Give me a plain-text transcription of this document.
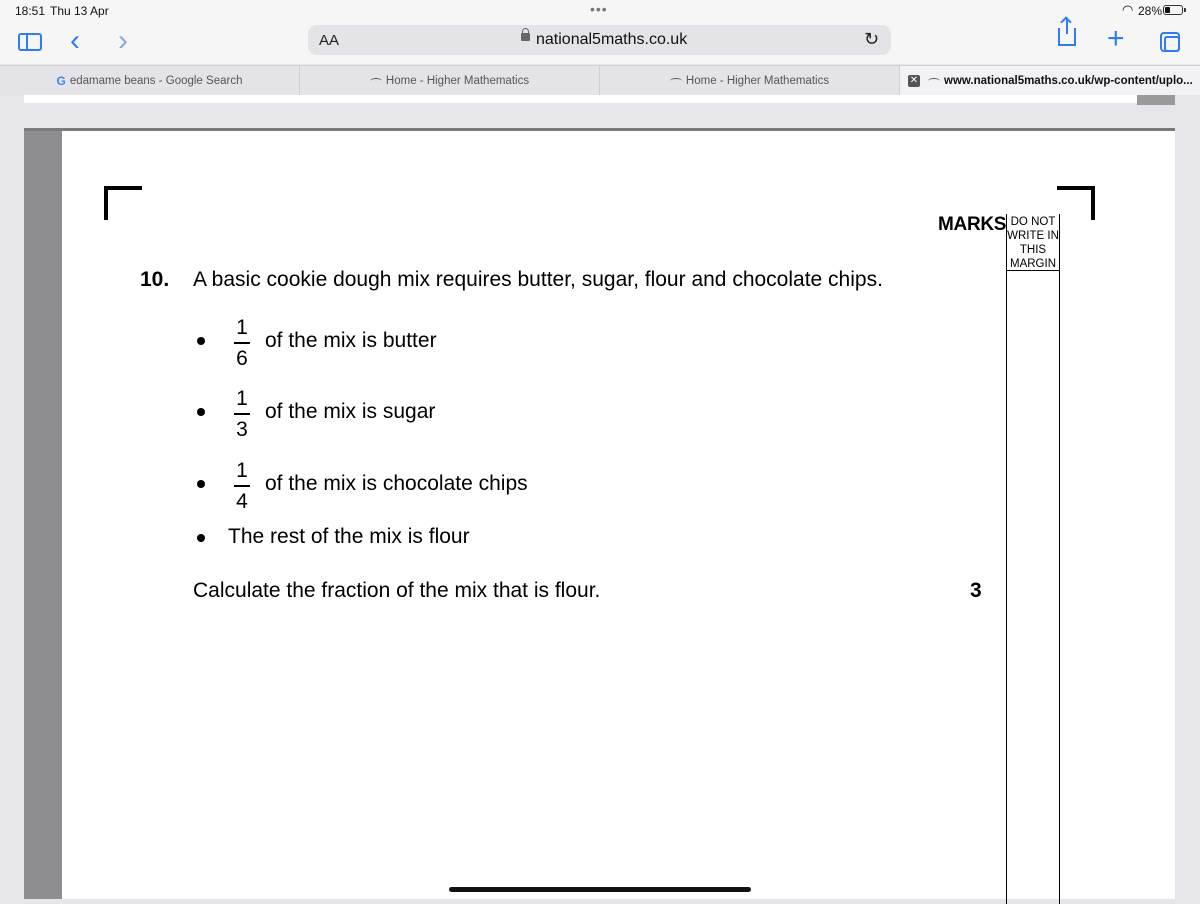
18:51 Thu 13 Apr	•••	◠ 28%
‹ ›	AA	national5maths.co.uk	↻	+
G edamame beans - Google Search	Home - Higher Mathematics	Home - Higher Mathematics	✕ www.national5maths.co.uk/wp-content/uplo...
MARKS DO NOT
WRITE IN
THIS
MARGIN
10. A basic cookie dough mix requires butter, sugar, flour and chocolate chips.
1
6
of the mix is butter
1
3
of the mix is sugar
1
4
of the mix is chocolate chips
The rest of the mix is flour
Calculate the fraction of the mix that is flour.	3
